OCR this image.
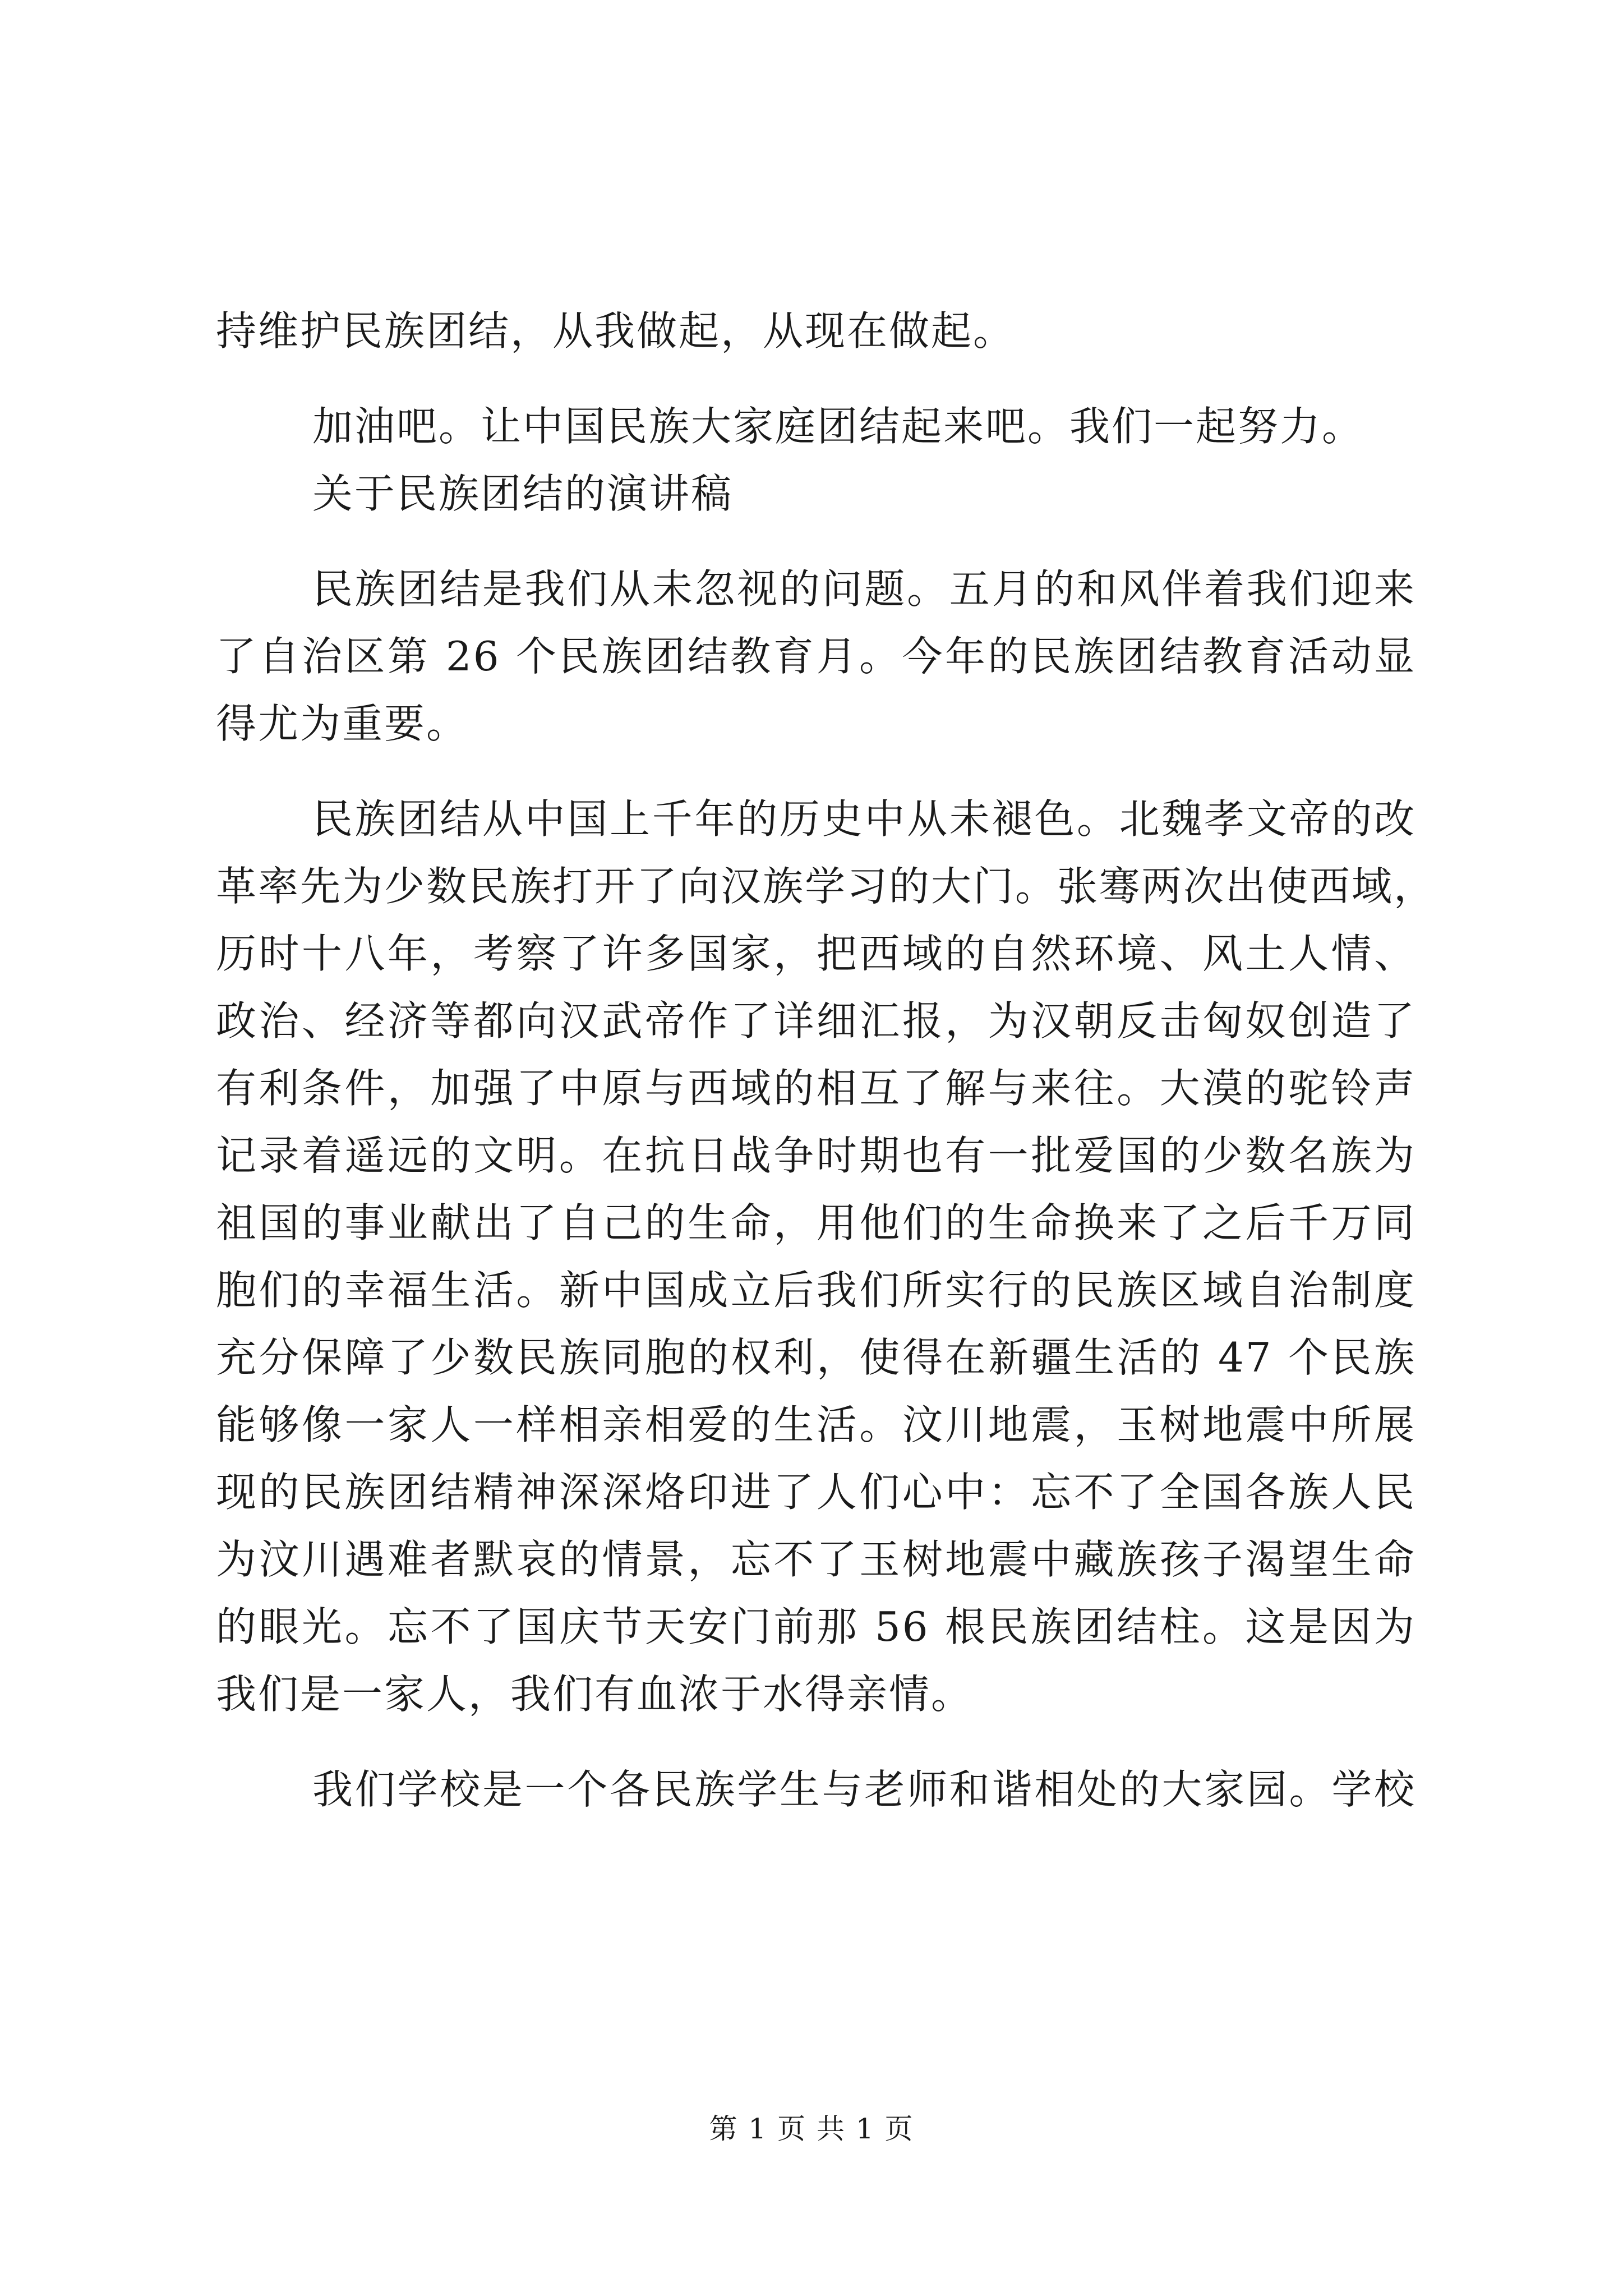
持维护民族团结，从我做起，从现在做起。
加油吧。让中国民族大家庭团结起来吧。我们一起努力。
关于民族团结的演讲稿
民族团结是我们从未忽视的问题。五月的和风伴着我们迎来
了自治区第 26 个民族团结教育月。今年的民族团结教育活动显
得尤为重要。
民族团结从中国上千年的历史中从未褪色。北魏孝文帝的改
革率先为少数民族打开了向汉族学习的大门。张骞两次出使西域，
历时十八年，考察了许多国家，把西域的自然环境、风土人情、
政治、经济等都向汉武帝作了详细汇报，为汉朝反击匈奴创造了
有利条件，加强了中原与西域的相互了解与来往。大漠的驼铃声
记录着遥远的文明。在抗日战争时期也有一批爱国的少数名族为
祖国的事业献出了自己的生命，用他们的生命换来了之后千万同
胞们的幸福生活。新中国成立后我们所实行的民族区域自治制度
充分保障了少数民族同胞的权利，使得在新疆生活的 47 个民族
能够像一家人一样相亲相爱的生活。汶川地震，玉树地震中所展
现的民族团结精神深深烙印进了人们心中：忘不了全国各族人民
为汶川遇难者默哀的情景，忘不了玉树地震中藏族孩子渴望生命
的眼光。忘不了国庆节天安门前那 56 根民族团结柱。这是因为
我们是一家人，我们有血浓于水得亲情。
我们学校是一个各民族学生与老师和谐相处的大家园。学校
第 1 页 共 1 页
